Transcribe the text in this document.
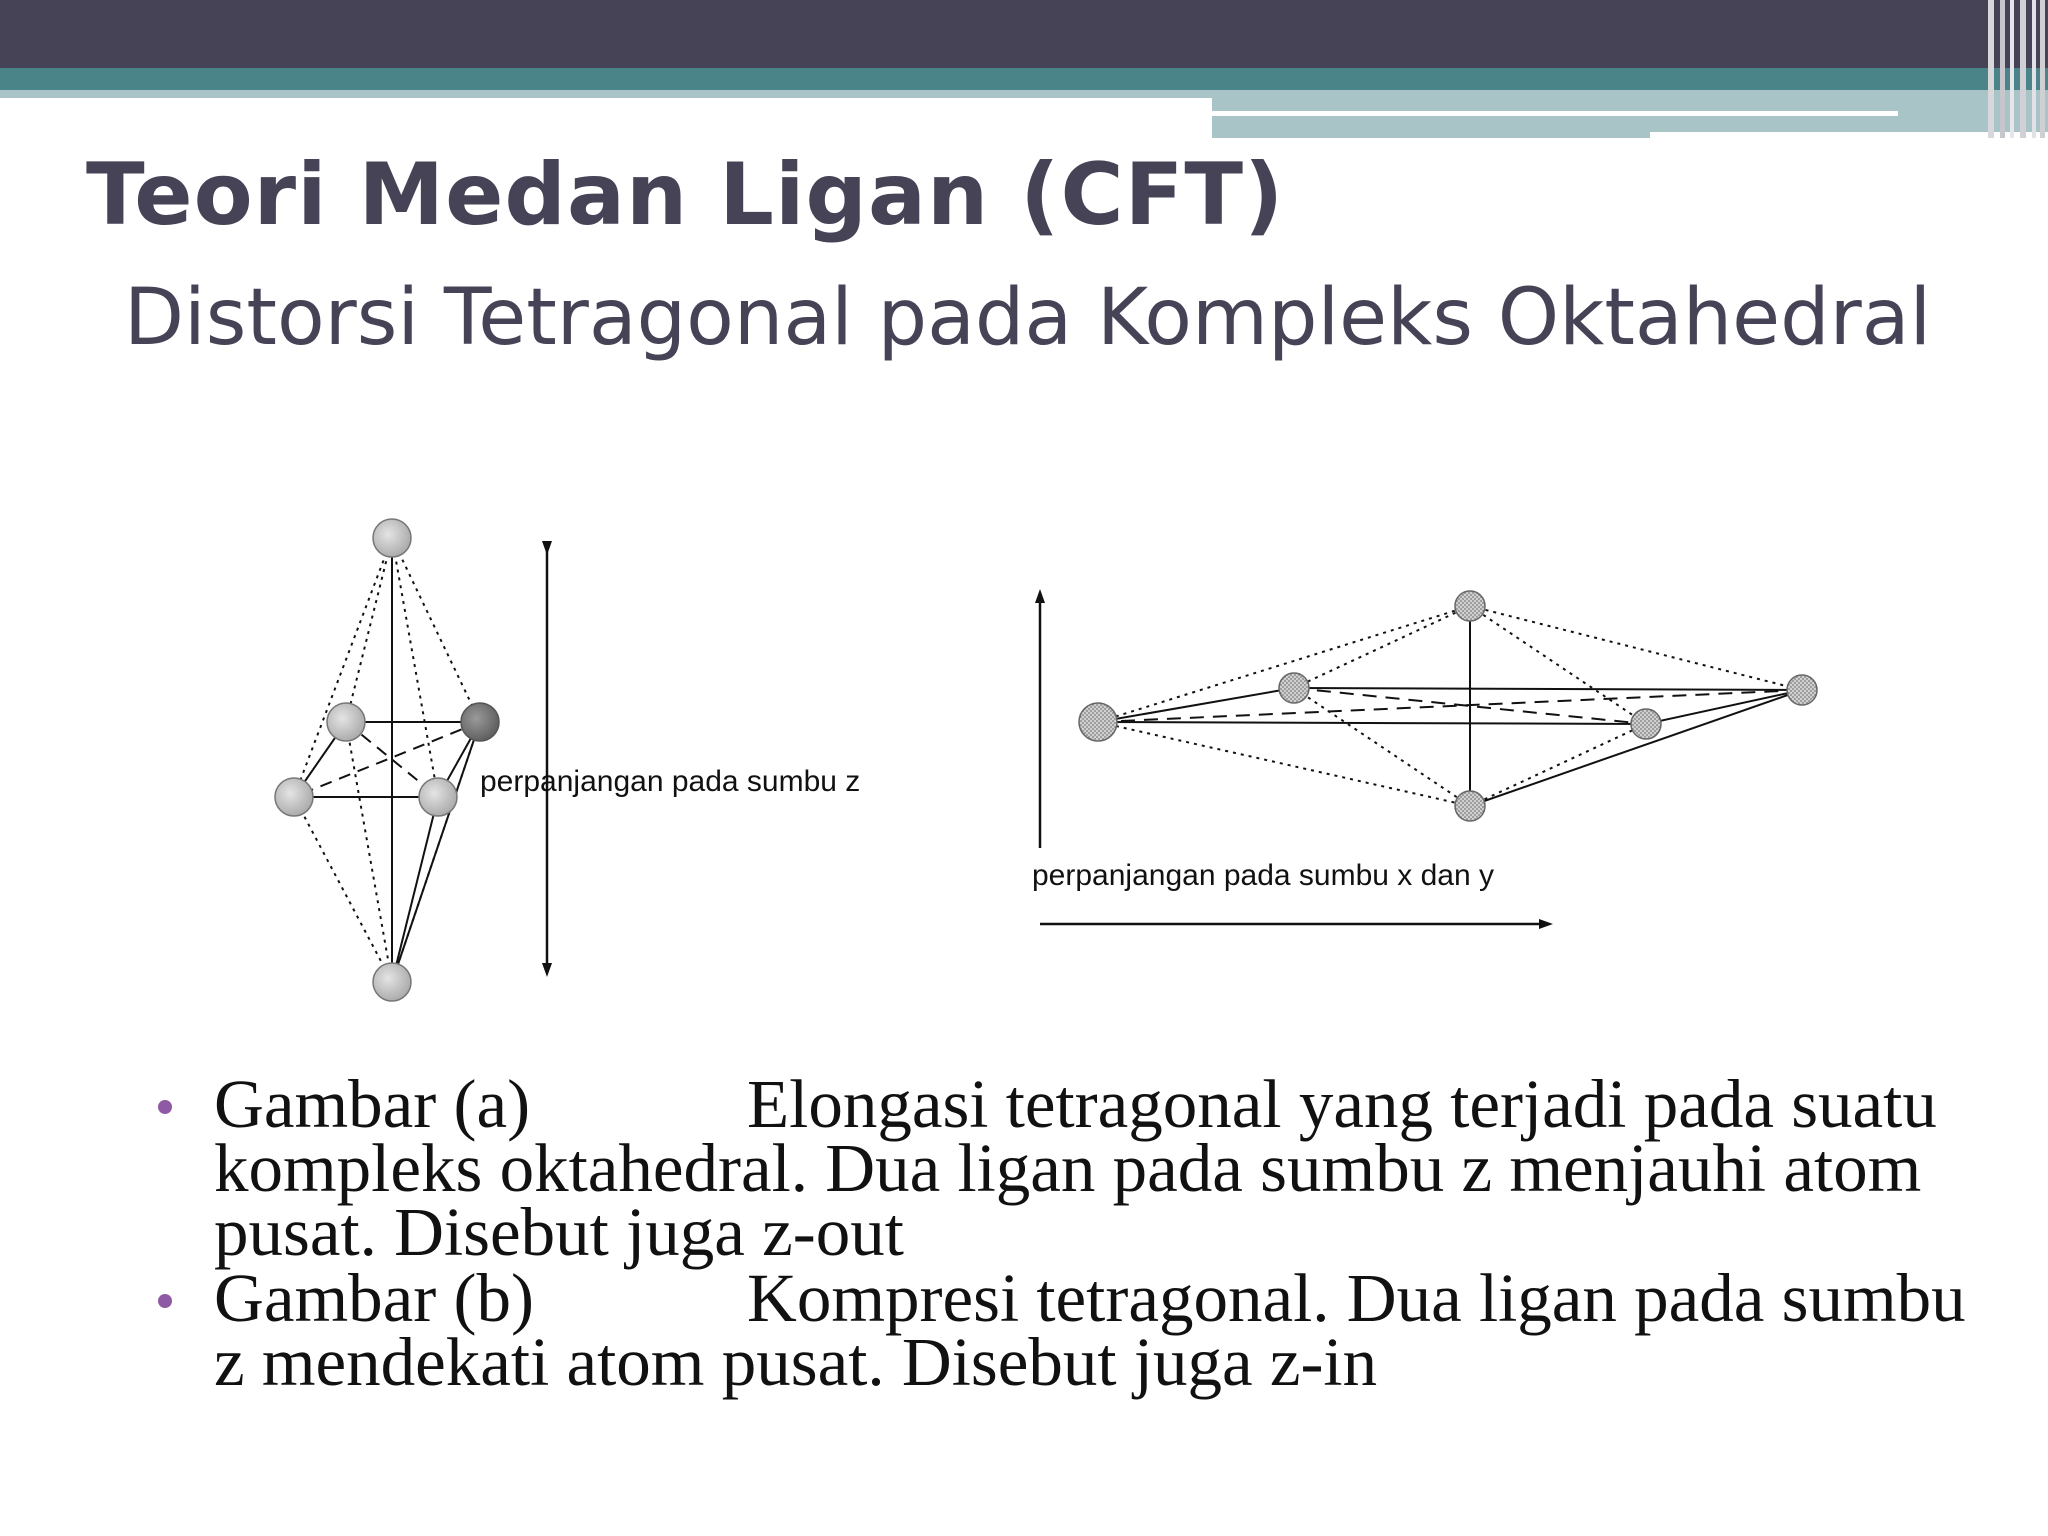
Teori Medan Ligan (CFT)
Distorsi Tetragonal pada Kompleks Oktahedral
perpanjangan pada sumbu z
perpanjangan pada sumbu x dan y
Gambar (a)	Elongasi tetragonal yang terjadi pada suatu kompleks oktahedral. Dua ligan pada sumbu z menjauhi atom pusat. Disebut juga z-out
Gambar (b)	Kompresi tetragonal. Dua ligan pada sumbu z mendekati atom pusat. Disebut juga z-in
